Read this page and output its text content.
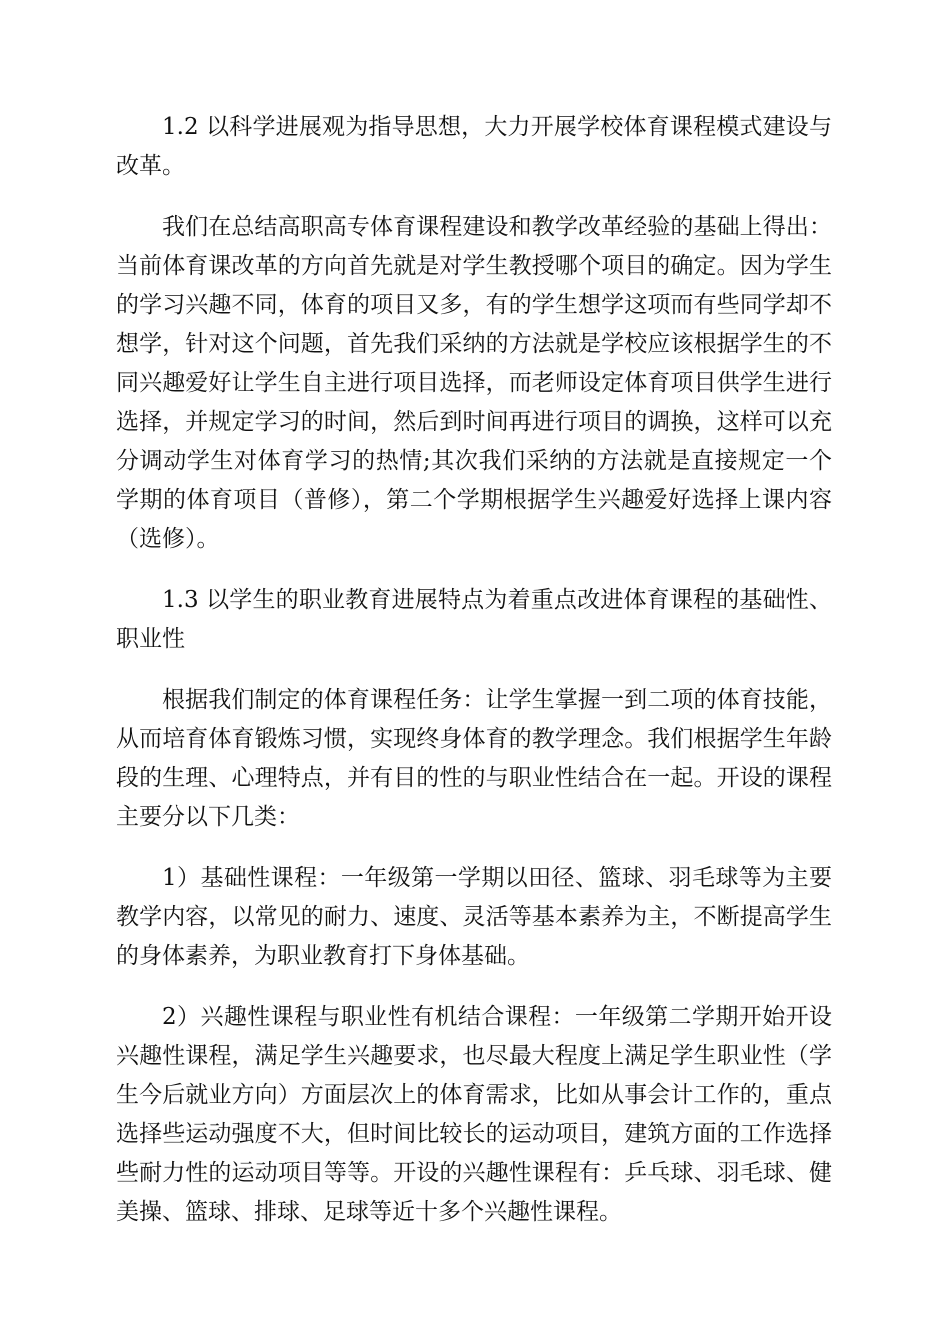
1.2 以科学进展观为指导思想，大力开展学校体育课程模式建设与改革。

我们在总结高职高专体育课程建设和教学改革经验的基础上得出：当前体育课改革的方向首先就是对学生教授哪个项目的确定。因为学生的学习兴趣不同，体育的项目又多，有的学生想学这项而有些同学却不想学，针对这个问题，首先我们采纳的方法就是学校应该根据学生的不同兴趣爱好让学生自主进行项目选择，而老师设定体育项目供学生进行选择，并规定学习的时间，然后到时间再进行项目的调换，这样可以充分调动学生对体育学习的热情;其次我们采纳的方法就是直接规定一个学期的体育项目（普修），第二个学期根据学生兴趣爱好选择上课内容（选修）。

1.3 以学生的职业教育进展特点为着重点改进体育课程的基础性、职业性

根据我们制定的体育课程任务：让学生掌握一到二项的体育技能，从而培育体育锻炼习惯，实现终身体育的教学理念。我们根据学生年龄段的生理、心理特点，并有目的性的与职业性结合在一起。开设的课程主要分以下几类：

1）基础性课程：一年级第一学期以田径、篮球、羽毛球等为主要教学内容，以常见的耐力、速度、灵活等基本素养为主，不断提高学生的身体素养，为职业教育打下身体基础。

2）兴趣性课程与职业性有机结合课程：一年级第二学期开始开设兴趣性课程，满足学生兴趣要求，也尽最大程度上满足学生职业性（学生今后就业方向）方面层次上的体育需求，比如从事会计工作的，重点选择些运动强度不大，但时间比较长的运动项目，建筑方面的工作选择些耐力性的运动项目等等。开设的兴趣性课程有：乒乓球、羽毛球、健美操、篮球、排球、足球等近十多个兴趣性课程。
